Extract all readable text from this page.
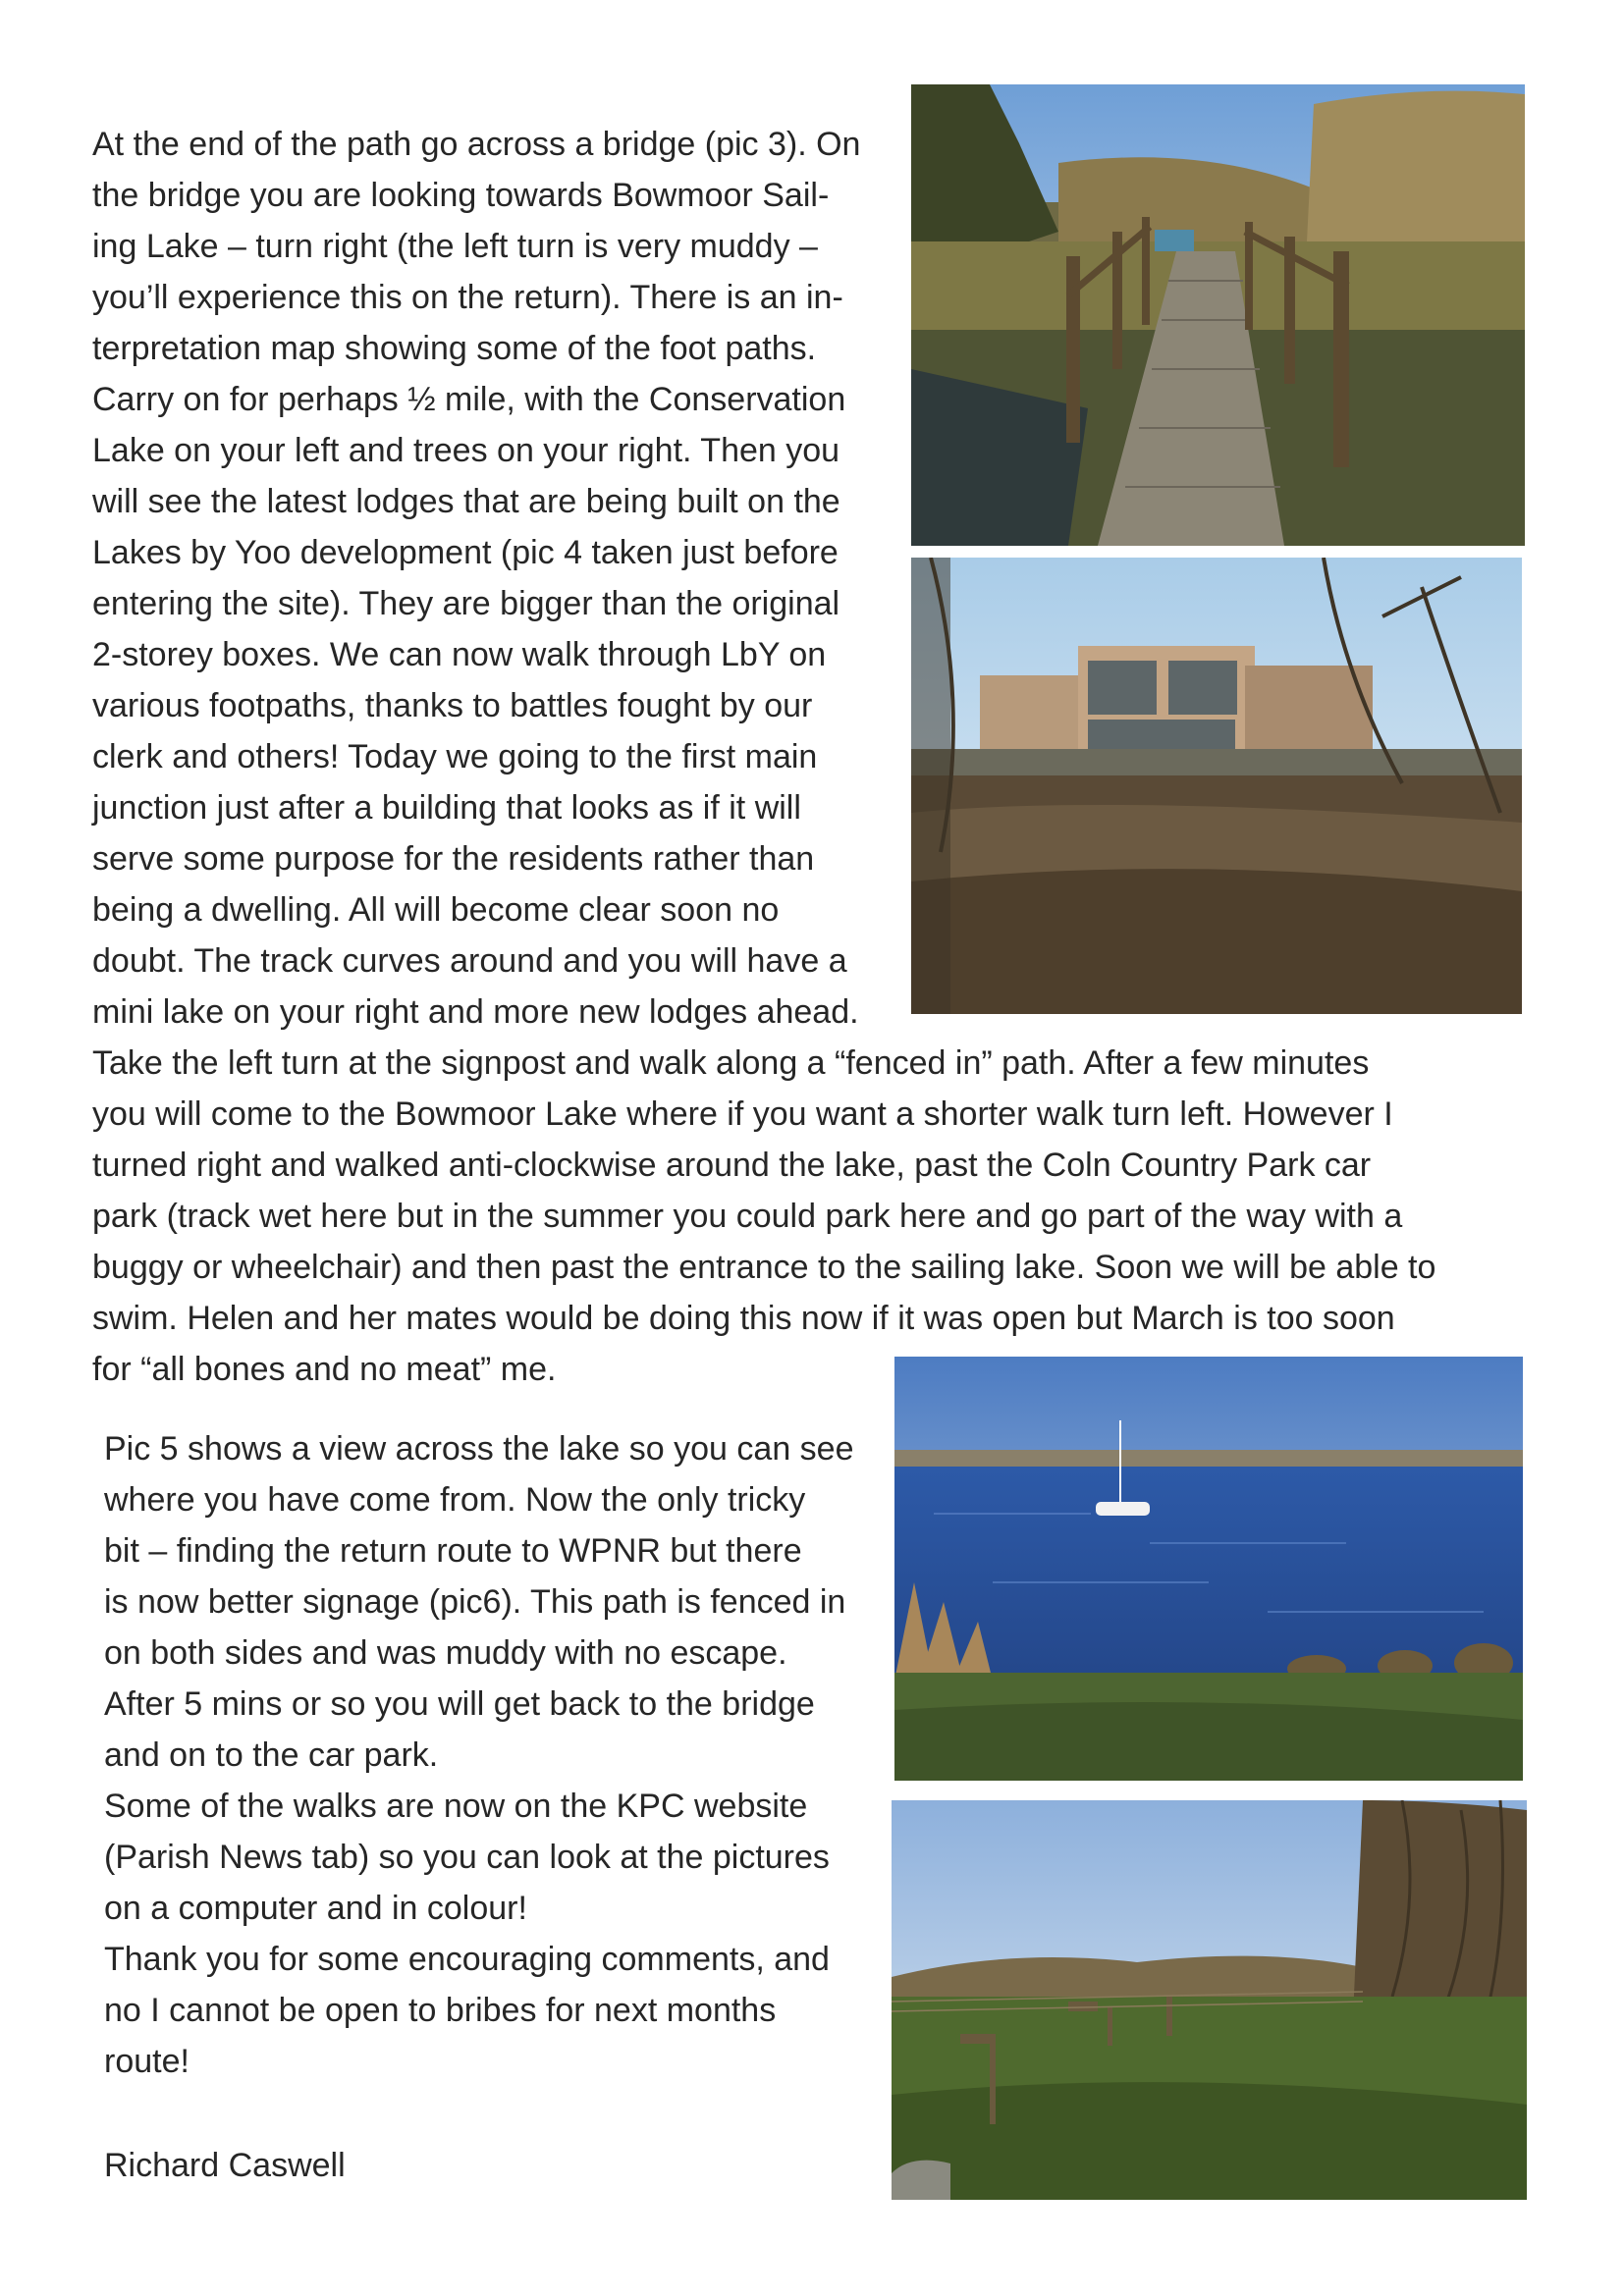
At the end of the path go across a bridge (pic 3). On
the bridge you are looking towards Bowmoor Sail-
ing Lake – turn right (the left turn is very muddy –
you’ll experience this on the return). There is an in-
terpretation map showing some of the foot paths.
Carry on for perhaps ½ mile, with the Conservation
Lake on your left and trees on your right. Then you
will see the latest lodges that are being built on the
Lakes by Yoo development (pic 4 taken just before
entering the site). They are bigger than the original
2-storey boxes. We can now walk through LbY on
various footpaths, thanks to battles fought by our
clerk and others! Today we going to the first main
junction just after a building that looks as if it will
serve some purpose for the residents rather than
being a dwelling. All will become clear soon no
doubt. The track curves around and you will have a
mini lake on your right and more new lodges ahead.
Take the left turn at the signpost and walk along a “fenced in” path. After a few minutes
you will come to the Bowmoor Lake where if you want a shorter walk turn left. However I
turned right and walked anti-clockwise around the lake, past the Coln Country Park car
park (track wet here but in the summer you could park here and go part of the way with a
buggy or wheelchair) and then past the entrance to the sailing lake. Soon we will be able to
swim. Helen and her mates would be doing this now if it was open but March is too soon
for “all bones and no meat” me.
Pic 5 shows a view across the lake so you can see
where you have come from. Now the only tricky
bit – finding the return route to WPNR but there
is now better signage (pic6). This path is fenced in
on both sides and was muddy with no escape.
After 5 mins or so you will get back to the bridge
and on to the car park.
Some of the walks are now on the KPC website
(Parish News tab) so you can look at the pictures
on a computer and in colour!
Thank you for some encouraging comments, and
no I cannot be open to bribes for next months
route!
Richard Caswell
